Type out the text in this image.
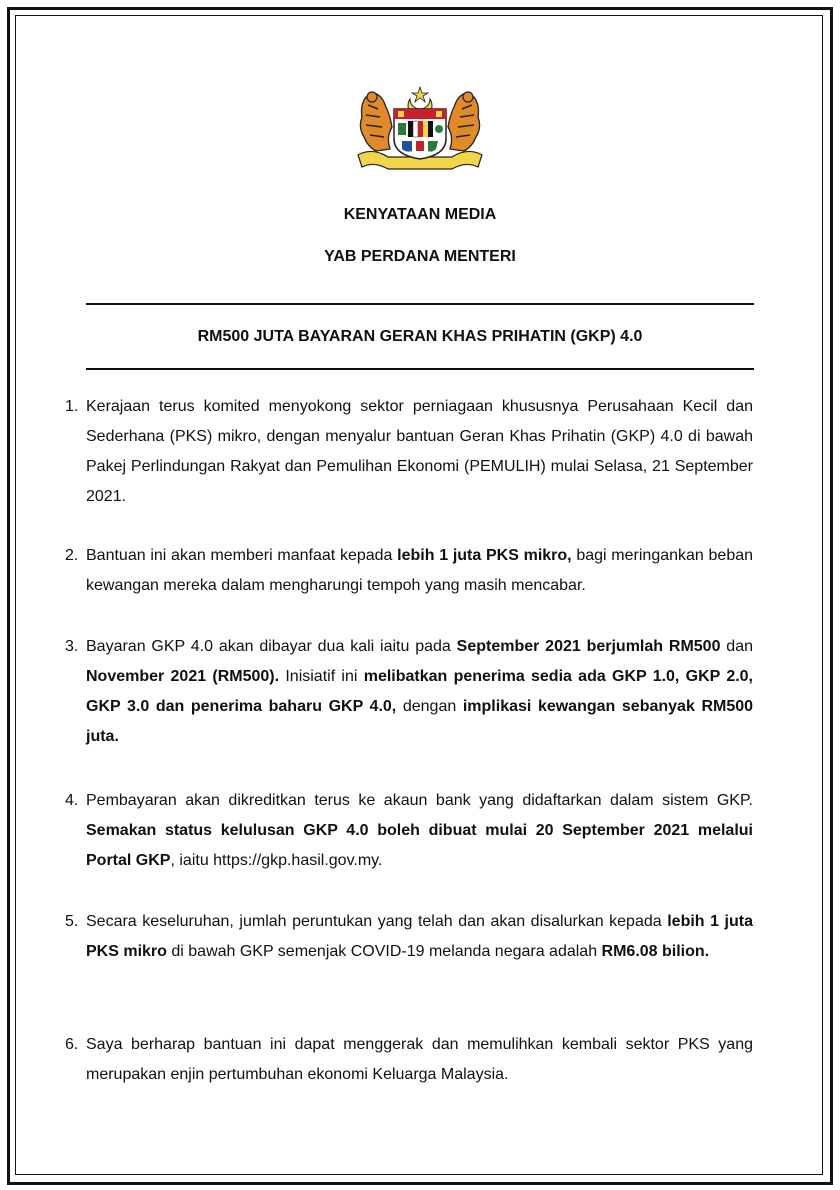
KENYATAAN MEDIA
YAB PERDANA MENTERI
RM500 JUTA BAYARAN GERAN KHAS PRIHATIN (GKP) 4.0
1. Kerajaan terus komited menyokong sektor perniagaan khususnya Perusahaan Kecil dan Sederhana (PKS) mikro, dengan menyalur bantuan Geran Khas Prihatin (GKP) 4.0 di bawah Pakej Perlindungan Rakyat dan Pemulihan Ekonomi (PEMULIH) mulai Selasa, 21 September 2021.
2. Bantuan ini akan memberi manfaat kepada lebih 1 juta PKS mikro, bagi meringankan beban kewangan mereka dalam mengharungi tempoh yang masih mencabar.
3. Bayaran GKP 4.0 akan dibayar dua kali iaitu pada September 2021 berjumlah RM500 dan November 2021 (RM500). Inisiatif ini melibatkan penerima sedia ada GKP 1.0, GKP 2.0, GKP 3.0 dan penerima baharu GKP 4.0, dengan implikasi kewangan sebanyak RM500 juta.
4. Pembayaran akan dikreditkan terus ke akaun bank yang didaftarkan dalam sistem GKP. Semakan status kelulusan GKP 4.0 boleh dibuat mulai 20 September 2021 melalui Portal GKP, iaitu https://gkp.hasil.gov.my.
5. Secara keseluruhan, jumlah peruntukan yang telah dan akan disalurkan kepada lebih 1 juta PKS mikro di bawah GKP semenjak COVID-19 melanda negara adalah RM6.08 bilion.
6. Saya berharap bantuan ini dapat menggerak dan memulihkan kembali sektor PKS yang merupakan enjin pertumbuhan ekonomi Keluarga Malaysia.
